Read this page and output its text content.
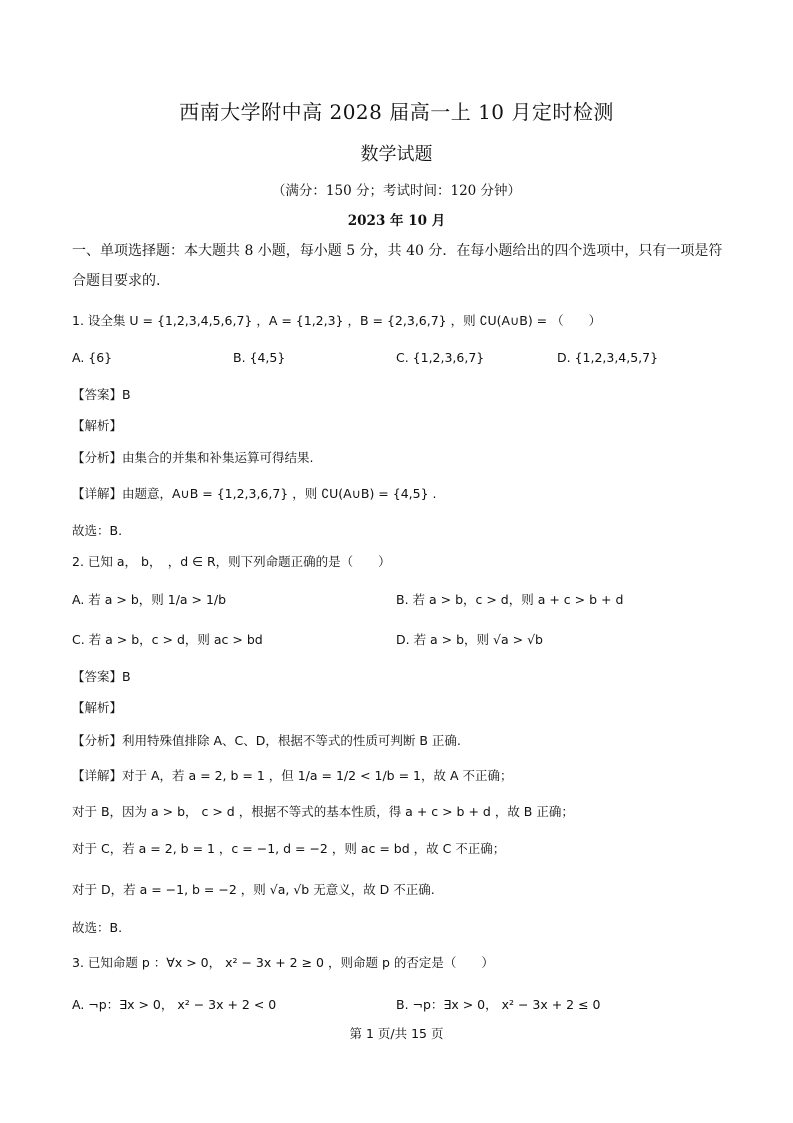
西南大学附中高 2028 届高一上 10 月定时检测
数学试题
（满分：150 分；考试时间：120 分钟）
2023 年 10 月
一、单项选择题：本大题共 8 小题，每小题 5 分，共 40 分．在每小题给出的四个选项中，只有一项是符合题目要求的.
1. 设全集 U = {1,2,3,4,5,6,7} ，A = {1,2,3} ，B = {2,3,6,7} ，则 ∁U(A∪B) = （　　）
A. {6}	B. {4,5}	C. {1,2,3,6,7}	D. {1,2,3,4,5,7}
【答案】B
【解析】
【分析】由集合的并集和补集运算可得结果.
【详解】由题意，A∪B = {1,2,3,6,7} ，则 ∁U(A∪B) = {4,5} .
故选：B.
2. 已知 a， b，　，d ∈ R，则下列命题正确的是（　　）
A. 若 a > b，则 1/a > 1/b	B. 若 a > b，c > d，则 a + c > b + d
C. 若 a > b，c > d，则 ac > bd	D. 若 a > b，则 √a > √b
【答案】B
【解析】
【分析】利用特殊值排除 A、C、D，根据不等式的性质可判断 B 正确.
【详解】对于 A，若 a = 2, b = 1 ，但 1/a = 1/2 < 1/b = 1，故 A 不正确；
对于 B，因为 a > b， c > d ，根据不等式的基本性质，得 a + c > b + d ，故 B 正确；
对于 C，若 a = 2, b = 1 ，c = −1, d = −2 ，则 ac = bd ，故 C 不正确；
对于 D，若 a = −1, b = −2 ，则 √a, √b 无意义，故 D 不正确.
故选：B.
3. 已知命题 p ：∀x > 0， x² − 3x + 2 ≥ 0 ，则命题 p 的否定是（　　）
A. ¬p：∃x > 0， x² − 3x + 2 < 0	B. ¬p：∃x > 0， x² − 3x + 2 ≤ 0
第 1 页/共 15 页
